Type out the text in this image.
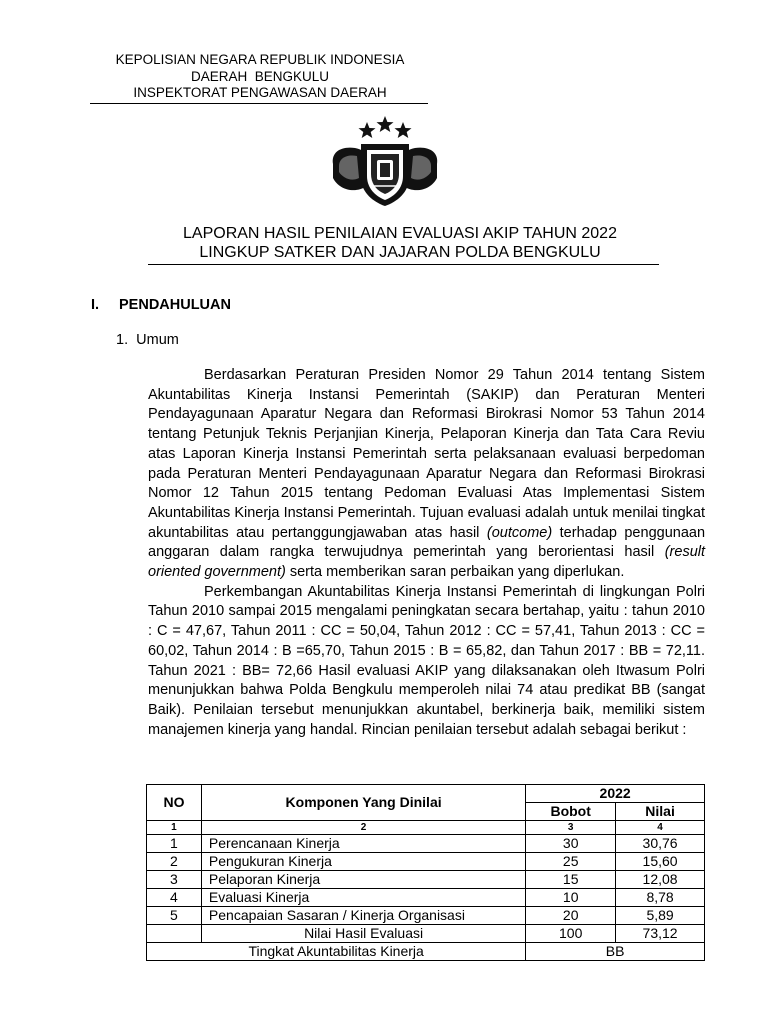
KEPOLISIAN NEGARA REPUBLIK INDONESIA
DAERAH  BENGKULU
INSPEKTORAT PENGAWASAN DAERAH
LAPORAN HASIL PENILAIAN EVALUASI AKIP TAHUN 2022
LINGKUP SATKER DAN JAJARAN POLDA BENGKULU
I. PENDAHULUAN
1.  Umum

Berdasarkan Peraturan Presiden Nomor 29 Tahun 2014 tentang Sistem Akuntabilitas Kinerja Instansi Pemerintah (SAKIP) dan Peraturan Menteri Pendayagunaan Aparatur Negara dan Reformasi Birokrasi Nomor 53 Tahun 2014 tentang Petunjuk Teknis Perjanjian Kinerja, Pelaporan Kinerja dan Tata Cara Reviu atas Laporan Kinerja Instansi Pemerintah serta pelaksanaan evaluasi berpedoman pada Peraturan Menteri Pendayagunaan Aparatur Negara dan Reformasi Birokrasi Nomor 12 Tahun 2015 tentang Pedoman Evaluasi Atas Implementasi Sistem Akuntabilitas Kinerja Instansi Pemerintah. Tujuan evaluasi adalah untuk menilai tingkat akuntabilitas atau pertanggungjawaban atas hasil (outcome) terhadap penggunaan anggaran dalam rangka terwujudnya pemerintah yang berorientasi hasil (result oriented government) serta memberikan saran perbaikan yang diperlukan.

Perkembangan Akuntabilitas Kinerja Instansi Pemerintah di lingkungan Polri Tahun 2010 sampai 2015 mengalami peningkatan secara bertahap, yaitu : tahun 2010 : C = 47,67, Tahun 2011 : CC = 50,04, Tahun 2012 : CC = 57,41, Tahun 2013 : CC = 60,02, Tahun 2014 : B =65,70, Tahun 2015 : B = 65,82, dan Tahun 2017 : BB = 72,11. Tahun 2021 : BB= 72,66 Hasil evaluasi AKIP yang dilaksanakan oleh Itwasum Polri menunjukkan bahwa Polda Bengkulu memperoleh nilai 74 atau predikat BB (sangat Baik). Penilaian tersebut menunjukkan akuntabel, berkinerja baik, memiliki sistem manajemen kinerja yang handal. Rincian penilaian tersebut adalah sebagai berikut :

NO	Komponen Yang Dinilai	2022	
		Bobot	Nilai
1	2	3	4
1	Perencanaan Kinerja	30	30,76
2	Pengukuran Kinerja	25	15,60
3	Pelaporan Kinerja	15	12,08
4	Evaluasi Kinerja	10	8,78
5	Pencapaian Sasaran / Kinerja Organisasi	20	5,89
	Nilai Hasil Evaluasi	100	73,12
Tingkat Akuntabilitas Kinerja		BB	
